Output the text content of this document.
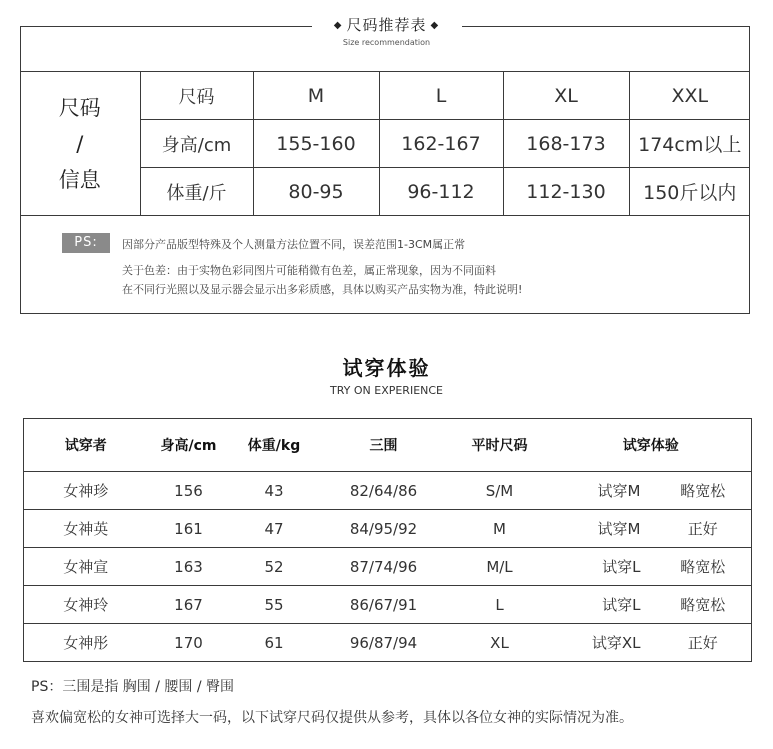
◆ 尺码推荐表 ◆
Size recommendation
尺码
/
信息	尺码	M	L	XL	XXL
	身高/cm	155-160	162-167	168-173	174cm以上
	体重/斤	80-95	96-112	112-130	150斤以内
PS:	因部分产品版型特殊及个人测量方法位置不同，误差范围1-3CM属正常
关于色差：由于实物色彩同图片可能稍微有色差，属正常现象，因为不同面料
在不同行光照以及显示器会显示出多彩质感，具体以购买产品实物为准，特此说明!
试穿体验
TRY ON EXPERIENCE
试穿者	身高/cm	体重/kg	三围	平时尺码	试穿体验	
女神珍	156	43	82/64/86	S/M	试穿M	略宽松
女神英	161	47	84/95/92	M	试穿M	正好
女神宣	163	52	87/74/96	M/L	试穿L	略宽松
女神玲	167	55	86/67/91	L	试穿L	略宽松
女神彤	170	61	96/87/94	XL	试穿XL	正好
PS：三围是指 胸围 / 腰围 / 臀围
喜欢偏宽松的女神可选择大一码，以下试穿尺码仅提供从参考，具体以各位女神的实际情况为准。
